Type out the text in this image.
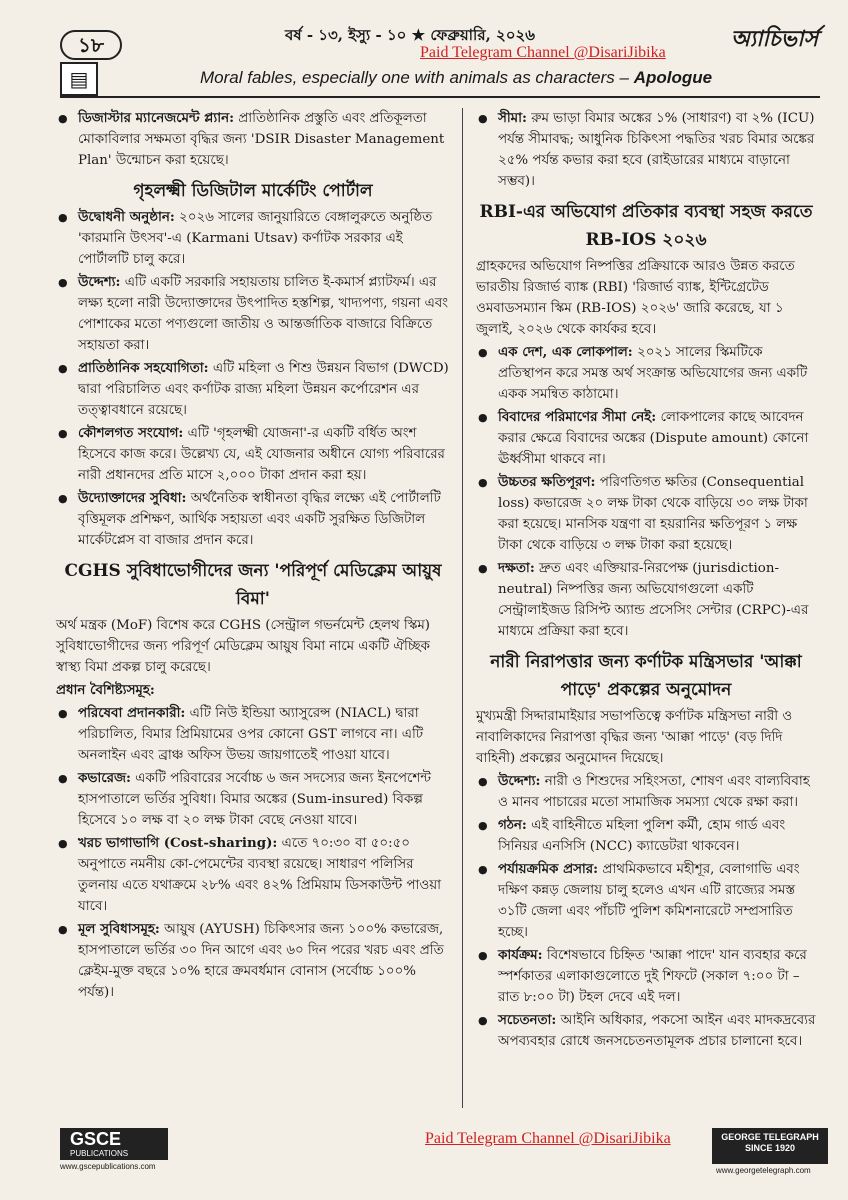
১৮	বর্ষ - ১৩, ইস্যু - ১০ ★ ফেব্রুয়ারি, ২০২৬	অ্যাচিভার্স
Paid Telegram Channel @DisariJibika
▤	Moral fables, especially one with animals as characters – Apologue
● ডিজাস্টার ম্যানেজমেন্ট প্ল্যান: প্রাতিষ্ঠানিক প্রস্তুতি এবং প্রতিকূলতা মোকাবিলার সক্ষমতা বৃদ্ধির জন্য 'DSIR Disaster Management Plan' উন্মোচন করা হয়েছে।
গৃহলক্ষ্মী ডিজিটাল মার্কেটিং পোর্টাল
● উদ্বোধনী অনুষ্ঠান: ২০২৬ সালের জানুয়ারিতে বেঙ্গালুরুতে অনুষ্ঠিত 'কারমানি উৎসব'-এ (Karmani Utsav) কর্ণাটক সরকার এই পোর্টালটি চালু করে।
● উদ্দেশ্য: এটি একটি সরকারি সহায়তায় চালিত ই-কমার্স প্ল্যাটফর্ম। এর লক্ষ্য হলো নারী উদ্যোক্তাদের উৎপাদিত হস্তশিল্প, খাদ্যপণ্য, গয়না এবং পোশাকের মতো পণ্যগুলো জাতীয় ও আন্তর্জাতিক বাজারে বিক্রিতে সহায়তা করা।
● প্রাতিষ্ঠানিক সহযোগিতা: এটি মহিলা ও শিশু উন্নয়ন বিভাগ (DWCD) দ্বারা পরিচালিত এবং কর্ণাটক রাজ্য মহিলা উন্নয়ন কর্পোরেশন এর তত্ত্বাবধানে রয়েছে।
● কৌশলগত সংযোগ: এটি 'গৃহলক্ষ্মী যোজনা'-র একটি বর্ধিত অংশ হিসেবে কাজ করে। উল্লেখ্য যে, এই যোজনার অধীনে যোগ্য পরিবারের নারী প্রধানদের প্রতি মাসে ২,০০০ টাকা প্রদান করা হয়।
● উদ্যোক্তাদের সুবিধা: অর্থনৈতিক স্বাধীনতা বৃদ্ধির লক্ষ্যে এই পোর্টালটি বৃত্তিমূলক প্রশিক্ষণ, আর্থিক সহায়তা এবং একটি সুরক্ষিত ডিজিটাল মার্কেটপ্লেস বা বাজার প্রদান করে।
CGHS সুবিধাভোগীদের জন্য 'পরিপূর্ণ মেডিক্লেম আয়ুষ বিমা'
অর্থ মন্ত্রক (MoF) বিশেষ করে CGHS (সেন্ট্রাল গভর্নমেন্ট হেলথ স্কিম) সুবিধাভোগীদের জন্য পরিপূর্ণ মেডিক্লেম আয়ুষ বিমা নামে একটি ঐচ্ছিক স্বাস্থ্য বিমা প্রকল্প চালু করেছে।
প্রধান বৈশিষ্ট্যসমূহ:
● পরিষেবা প্রদানকারী: এটি নিউ ইন্ডিয়া অ্যাসুরেন্স (NIACL) দ্বারা পরিচালিত, বিমার প্রিমিয়ামের ওপর কোনো GST লাগবে না। এটি অনলাইন এবং ব্রাঞ্চ অফিস উভয় জায়গাতেই পাওয়া যাবে।
● কভারেজ: একটি পরিবারের সর্বোচ্চ ৬ জন সদস্যের জন্য ইনপেশেন্ট হাসপাতালে ভর্তির সুবিধা। বিমার অঙ্কের (Sum-insured) বিকল্প হিসেবে ১০ লক্ষ বা ২০ লক্ষ টাকা বেছে নেওয়া যাবে।
● খরচ ভাগাভাগি (Cost-sharing): এতে ৭০:৩০ বা ৫০:৫০ অনুপাতে নমনীয় কো-পেমেন্টের ব্যবস্থা রয়েছে। সাধারণ পলিসির তুলনায় এতে যথাক্রমে ২৮% এবং ৪২% প্রিমিয়াম ডিসকাউন্ট পাওয়া যাবে।
● মূল সুবিধাসমূহ: আয়ুষ (AYUSH) চিকিৎসার জন্য ১০০% কভারেজ, হাসপাতালে ভর্তির ৩০ দিন আগে এবং ৬০ দিন পরের খরচ এবং প্রতি ক্লেইম-মুক্ত বছরে ১০% হারে ক্রমবর্ধমান বোনাস (সর্বোচ্চ ১০০% পর্যন্ত)।
● সীমা: রুম ভাড়া বিমার অঙ্কের ১% (সাধারণ) বা ২% (ICU) পর্যন্ত সীমাবদ্ধ; আধুনিক চিকিৎসা পদ্ধতির খরচ বিমার অঙ্কের ২৫% পর্যন্ত কভার করা হবে (রাইডারের মাধ্যমে বাড়ানো সম্ভব)।
RBI-এর অভিযোগ প্রতিকার ব্যবস্থা সহজ করতে RB-IOS ২০২৬
গ্রাহকদের অভিযোগ নিষ্পত্তির প্রক্রিয়াকে আরও উন্নত করতে ভারতীয় রিজার্ভ ব্যাঙ্ক (RBI) 'রিজার্ভ ব্যাঙ্ক, ইন্টিগ্রেটেড ওমবাডসম্যান স্কিম (RB-IOS) ২০২৬' জারি করেছে, যা ১ জুলাই, ২০২৬ থেকে কার্যকর হবে।
● এক দেশ, এক লোকপাল: ২০২১ সালের স্কিমটিকে প্রতিস্থাপন করে সমস্ত অর্থ সংক্রান্ত অভিযোগের জন্য একটি একক সমন্বিত কাঠামো।
● বিবাদের পরিমাণের সীমা নেই: লোকপালের কাছে আবেদন করার ক্ষেত্রে বিবাদের অঙ্কের (Dispute amount) কোনো ঊর্ধ্বসীমা থাকবে না।
● উচ্চতর ক্ষতিপূরণ: পরিণতিগত ক্ষতির (Consequential loss) কভারেজ ২০ লক্ষ টাকা থেকে বাড়িয়ে ৩০ লক্ষ টাকা করা হয়েছে। মানসিক যন্ত্রণা বা হয়রানির ক্ষতিপূরণ ১ লক্ষ টাকা থেকে বাড়িয়ে ৩ লক্ষ টাকা করা হয়েছে।
● দক্ষতা: দ্রুত এবং এক্তিয়ার-নিরপেক্ষ (jurisdiction-neutral) নিষ্পত্তির জন্য অভিযোগগুলো একটি সেন্ট্রালাইজড রিসিপ্ট অ্যান্ড প্রসেসিং সেন্টার (CRPC)-এর মাধ্যমে প্রক্রিয়া করা হবে।
নারী নিরাপত্তার জন্য কর্ণাটক মন্ত্রিসভার 'আক্কা পাড়ে' প্রকল্পের অনুমোদন
মুখ্যমন্ত্রী সিদ্দারামাইয়ার সভাপতিত্বে কর্ণাটক মন্ত্রিসভা নারী ও নাবালিকাদের নিরাপত্তা বৃদ্ধির জন্য 'আক্কা পাড়ে' (বড় দিদি বাহিনী) প্রকল্পের অনুমোদন দিয়েছে।
● উদ্দেশ্য: নারী ও শিশুদের সহিংসতা, শোষণ এবং বাল্যবিবাহ ও মানব পাচারের মতো সামাজিক সমস্যা থেকে রক্ষা করা।
● গঠন: এই বাহিনীতে মহিলা পুলিশ কর্মী, হোম গার্ড এবং সিনিয়র এনসিসি (NCC) ক্যাডেটরা থাকবেন।
● পর্যায়ক্রমিক প্রসার: প্রাথমিকভাবে মহীশূর, বেলাগাভি এবং দক্ষিণ কন্নড় জেলায় চালু হলেও এখন এটি রাজ্যের সমস্ত ৩১টি জেলা এবং পাঁচটি পুলিশ কমিশনারেটে সম্প্রসারিত হচ্ছে।
● কার্যক্রম: বিশেষভাবে চিহ্নিত 'আক্কা পাদে' যান ব্যবহার করে স্পর্শকাতর এলাকাগুলোতে দুই শিফটে (সকাল ৭:০০ টা – রাত ৮:০০ টা) টহল দেবে এই দল।
● সচেতনতা: আইনি অধিকার, পকসো আইন এবং মাদকদ্রব্যের অপব্যবহার রোধে জনসচেতনতামূলক প্রচার চালানো হবে।
GSCE
PUBLICATIONS
www.gscepublications.com
Paid Telegram Channel @DisariJibika	GEORGE TELEGRAPH
SINCE 1920
www.georgetelegraph.com
